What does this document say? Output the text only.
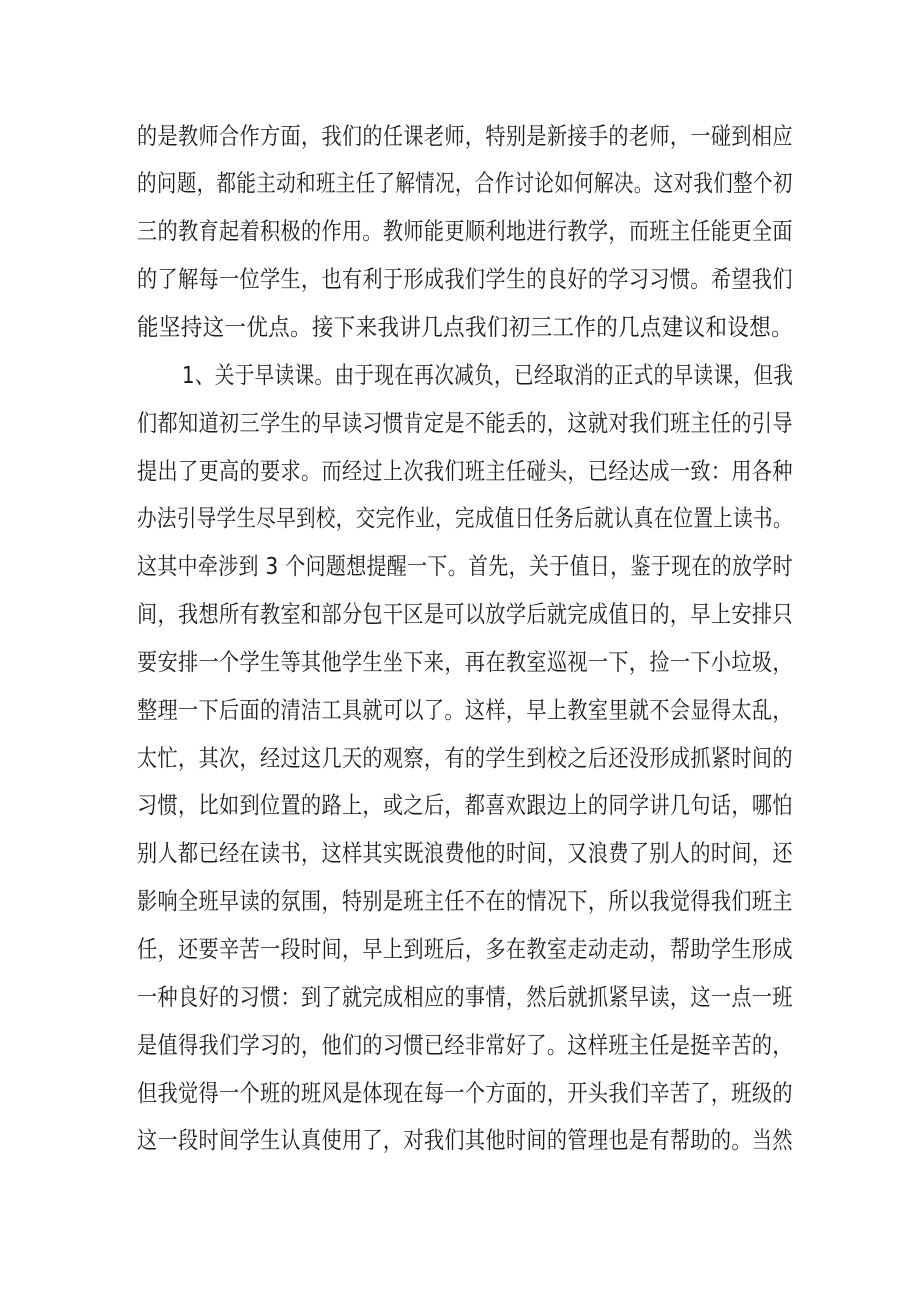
的是教师合作方面，我们的任课老师，特别是新接手的老师，一碰到相应
的问题，都能主动和班主任了解情况，合作讨论如何解决。这对我们整个初
三的教育起着积极的作用。教师能更顺利地进行教学，而班主任能更全面
的了解每一位学生，也有利于形成我们学生的良好的学习习惯。希望我们
能坚持这一优点。接下来我讲几点我们初三工作的几点建议和设想。
1、关于早读课。由于现在再次减负，已经取消的正式的早读课，但我
们都知道初三学生的早读习惯肯定是不能丢的，这就对我们班主任的引导
提出了更高的要求。而经过上次我们班主任碰头，已经达成一致：用各种
办法引导学生尽早到校，交完作业，完成值日任务后就认真在位置上读书。
这其中牵涉到 3 个问题想提醒一下。首先，关于值日，鉴于现在的放学时
间，我想所有教室和部分包干区是可以放学后就完成值日的，早上安排只
要安排一个学生等其他学生坐下来，再在教室巡视一下，捡一下小垃圾，
整理一下后面的清洁工具就可以了。这样，早上教室里就不会显得太乱，
太忙，其次，经过这几天的观察，有的学生到校之后还没形成抓紧时间的
习惯，比如到位置的路上，或之后，都喜欢跟边上的同学讲几句话，哪怕
别人都已经在读书，这样其实既浪费他的时间，又浪费了别人的时间，还
影响全班早读的氛围，特别是班主任不在的情况下，所以我觉得我们班主
任，还要辛苦一段时间，早上到班后，多在教室走动走动，帮助学生形成
一种良好的习惯：到了就完成相应的事情，然后就抓紧早读，这一点一班
是值得我们学习的，他们的习惯已经非常好了。这样班主任是挺辛苦的，
但我觉得一个班的班风是体现在每一个方面的，开头我们辛苦了，班级的
这一段时间学生认真使用了，对我们其他时间的管理也是有帮助的。当然
